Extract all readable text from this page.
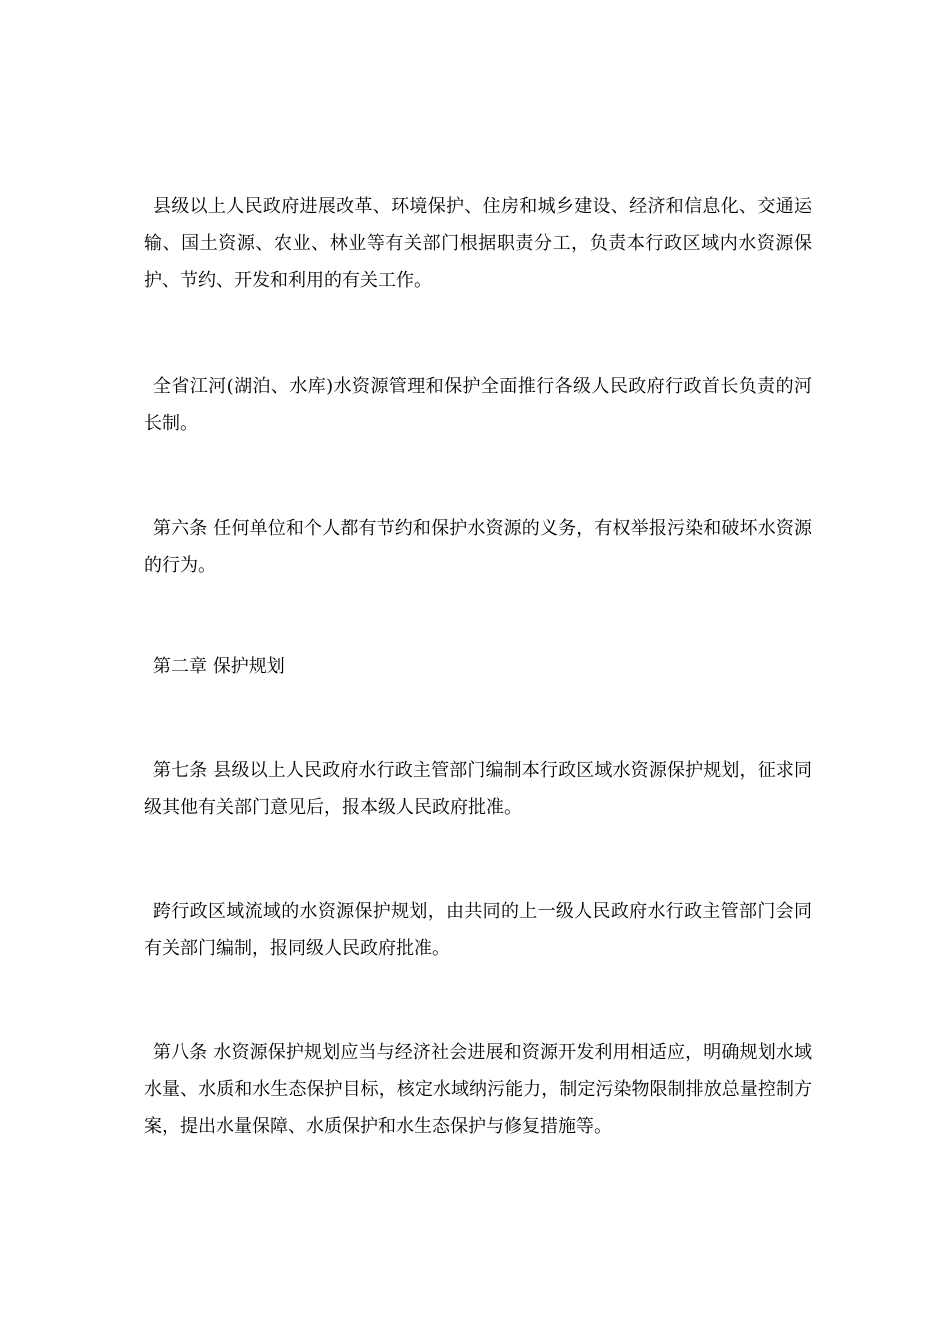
县级以上人民政府进展改革、环境保护、住房和城乡建设、经济和信息化、交通运输、国土资源、农业、林业等有关部门根据职责分工，负责本行政区域内水资源保护、节约、开发和利用的有关工作。

全省江河(湖泊、水库)水资源管理和保护全面推行各级人民政府行政首长负责的河长制。

第六条 任何单位和个人都有节约和保护水资源的义务，有权举报污染和破坏水资源的行为。

第二章 保护规划

第七条 县级以上人民政府水行政主管部门编制本行政区域水资源保护规划，征求同级其他有关部门意见后，报本级人民政府批准。

跨行政区域流域的水资源保护规划，由共同的上一级人民政府水行政主管部门会同有关部门编制，报同级人民政府批准。

第八条 水资源保护规划应当与经济社会进展和资源开发利用相适应，明确规划水域水量、水质和水生态保护目标，核定水域纳污能力，制定污染物限制排放总量控制方案，提出水量保障、水质保护和水生态保护与修复措施等。
